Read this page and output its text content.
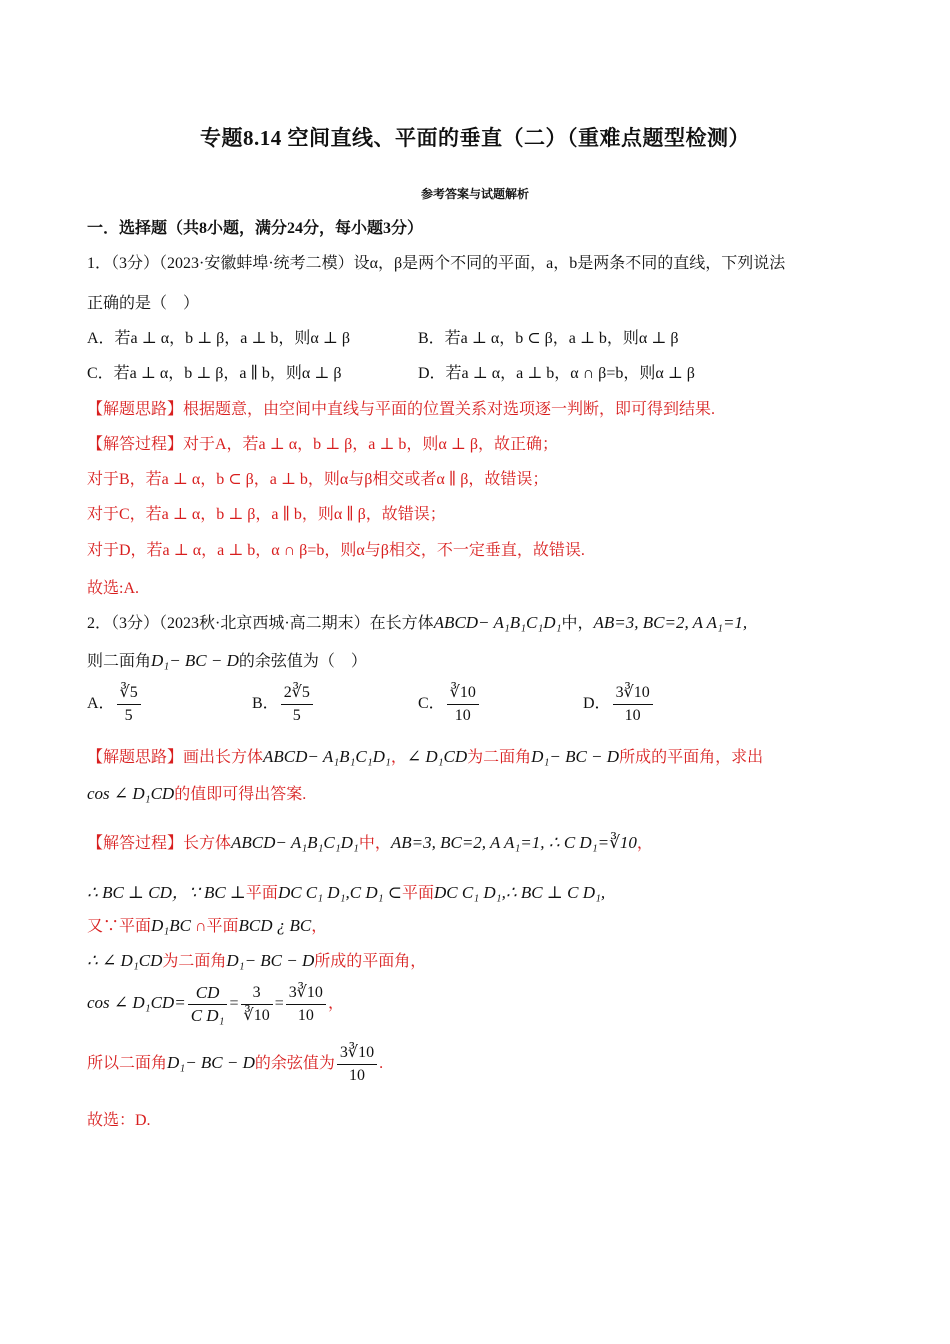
专题8.14 空间直线、平面的垂直（二）（重难点题型检测）
参考答案与试题解析
一．选择题（共8小题，满分24分，每小题3分）
1．（3分）（2023·安徽蚌埠·统考二模）设α，β是两个不同的平面，a，b是两条不同的直线，下列说法
正确的是（　）
A．若a ⊥ α，b ⊥ β，a ⊥ b，则α ⊥ β	B．若a ⊥ α，b ⊂ β，a ⊥ b，则α ⊥ β
C．若a ⊥ α，b ⊥ β，a ∥ b，则α ⊥ β	D．若a ⊥ α，a ⊥ b，α ∩ β=b，则α ⊥ β
【解题思路】根据题意，由空间中直线与平面的位置关系对选项逐一判断，即可得到结果.
【解答过程】对于A，若a ⊥ α，b ⊥ β，a ⊥ b，则α ⊥ β，故正确；
对于B，若a ⊥ α，b ⊂ β，a ⊥ b，则α与β相交或者α ∥ β，故错误；
对于C，若a ⊥ α，b ⊥ β，a ∥ b，则α ∥ β，故错误；
对于D，若a ⊥ α，a ⊥ b，α ∩ β=b，则α与β相交，不一定垂直，故错误.
故选:A.
2．（3分）（2023秋·北京西城·高二期末）在长方体ABCD− A₁B₁C₁D₁中，AB=3, BC=2, A A₁=1,
则二面角D₁− BC − D的余弦值为（　）
A． $\frac{∛5}{5}$	B． $\frac{2∛5}{5}$	C． $\frac{∛10}{10}$	D． $\frac{3∛10}{10}$
【解题思路】画出长方体ABCD− A₁B₁C₁D₁，∠ D₁CD为二面角D₁− BC − D所成的平面角，求出
cos ∠ D₁CD的值即可得出答案.
【解答过程】长方体ABCD− A₁B₁C₁D₁中，AB=3, BC=2, A A₁=1, ∴ C D₁=∛10，
∴ BC ⊥ CD，∵ BC ⊥平面DC C₁ D₁,C D₁ ⊂平面DC C₁ D₁,∴ BC ⊥ C D₁,
又∵平面D₁BC ∩平面BCD ¿ BC，
∴ ∠ D₁CD为二面角D₁− BC − D所成的平面角，
cos ∠ $D_1CD= \frac{CD}{\text{C D₁}} = \frac{3}{∛10} = \frac{3∛10}{10}$ ，
所以二面角D₁− BC − D的余弦值为 $\frac{3∛10}{10}$ .
故选：D.
